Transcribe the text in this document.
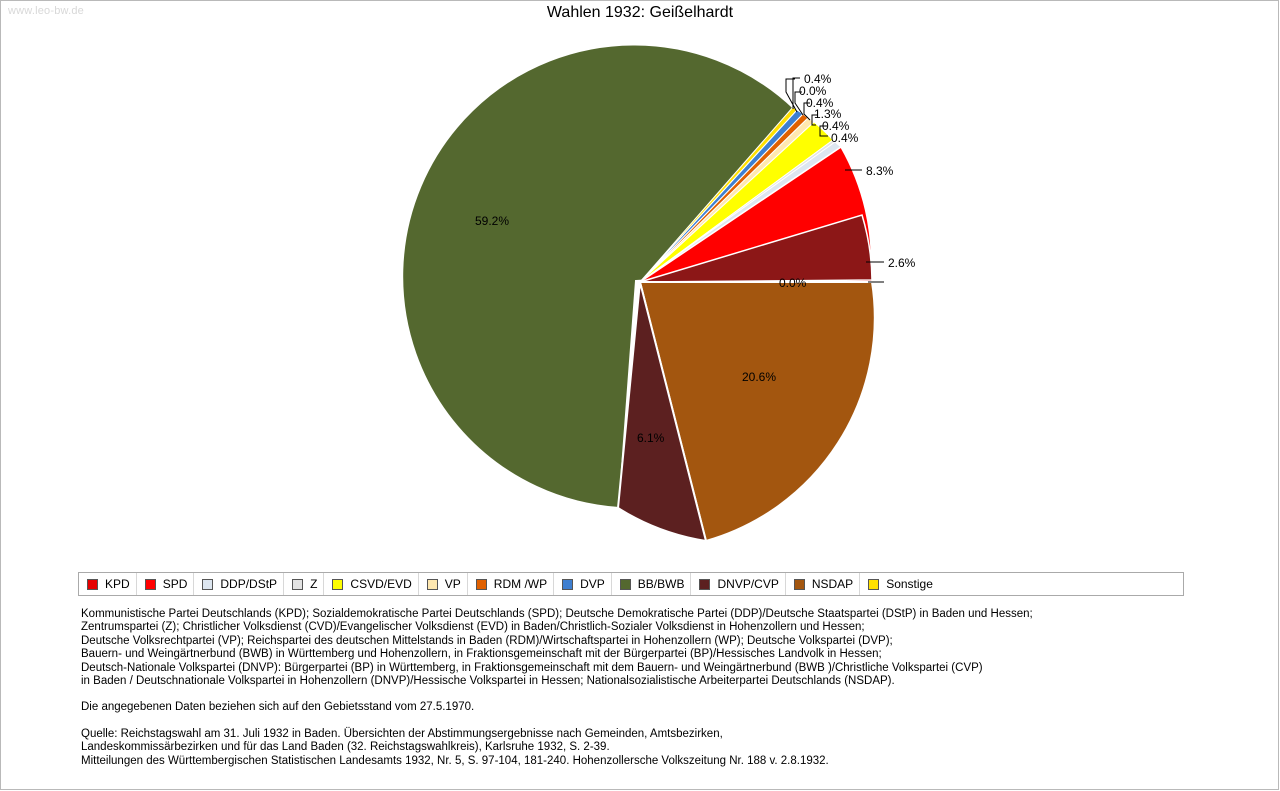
www.leo-bw.de	Wahlen 1932: Geißelhardt
0.4%
0.0%
0.4%
1.3%
0.4%
0.4%
8.3%
2.6%
0.0%
20.6%
6.1%
59.2%
KPD	SPD	DDP/DStP	Z	CSVD/EVD	VP	RDM /WP	DVP	BB/BWB	DNVP/CVP	NSDAP	Sonstige

Kommunistische Partei Deutschlands (KPD); Sozialdemokratische Partei Deutschlands (SPD); Deutsche Demokratische Partei (DDP)/Deutsche Staatspartei (DStP) in Baden und Hessen;

Zentrumspartei (Z); Christlicher Volksdienst (CVD)/Evangelischer Volksdienst (EVD) in Baden/Christlich-Sozialer Volksdienst in Hohenzollern und Hessen;

Deutsche Volksrechtpartei (VP); Reichspartei des deutschen Mittelstands in Baden (RDM)/Wirtschaftspartei in Hohenzollern (WP); Deutsche Volkspartei (DVP);

Bauern- und Weingärtnerbund (BWB) in Württemberg und Hohenzollern, in Fraktionsgemeinschaft mit der Bürgerpartei (BP)/Hessisches Landvolk in Hessen;

Deutsch-Nationale Volkspartei (DNVP): Bürgerpartei (BP) in Württemberg, in Fraktionsgemeinschaft mit dem Bauern- und Weingärtnerbund (BWB )/Christliche Volkspartei (CVP)

in Baden / Deutschnationale Volkspartei in Hohenzollern (DNVP)/Hessische Volkspartei in Hessen; Nationalsozialistische Arbeiterpartei Deutschlands (NSDAP).

Die angegebenen Daten beziehen sich auf den Gebietsstand vom 27.5.1970.

Quelle: Reichstagswahl am 31. Juli 1932 in Baden. Übersichten der Abstimmungsergebnisse nach Gemeinden, Amtsbezirken,

Landeskommissärbezirken und für das Land Baden (32. Reichstagswahlkreis), Karlsruhe 1932, S. 2-39.

Mitteilungen des Württembergischen Statistischen Landesamts 1932, Nr. 5, S. 97-104, 181-240. Hohenzollersche Volkszeitung Nr. 188 v. 2.8.1932.
